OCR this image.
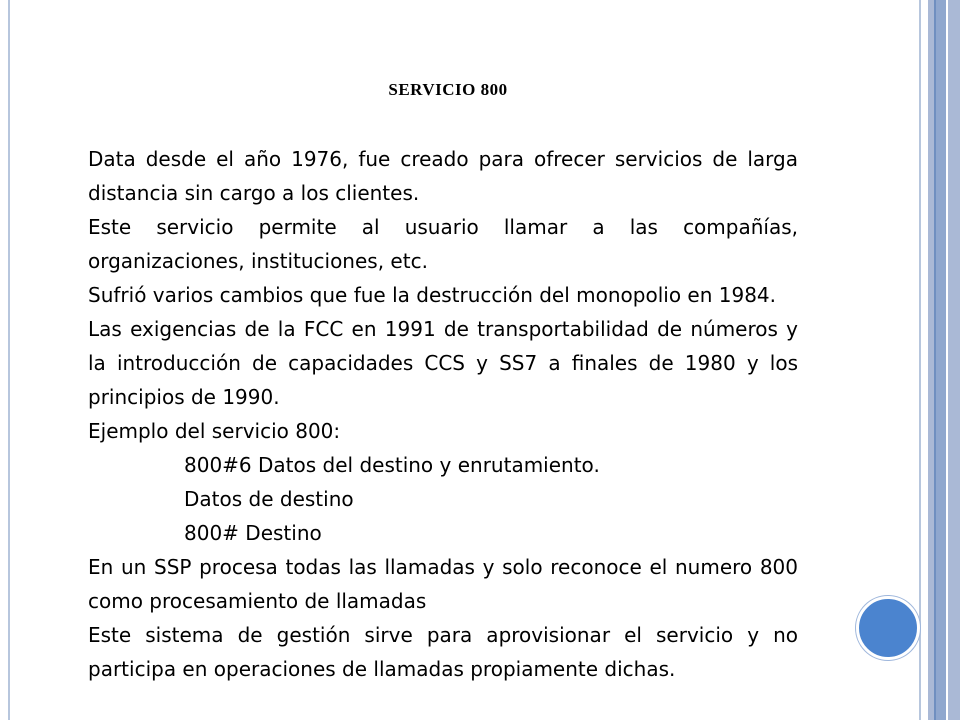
SERVICIO 800

Data desde el año 1976, fue creado para ofrecer servicios de larga distancia sin cargo a los clientes.

Este servicio permite al usuario llamar a las compañías, organizaciones, instituciones, etc.

Sufrió varios cambios que fue la destrucción del monopolio en 1984.

Las exigencias de la FCC en 1991 de transportabilidad de números y la introducción de capacidades CCS y SS7 a finales de 1980 y los principios de 1990.

Ejemplo del servicio 800:

800#6 Datos del destino y enrutamiento.

Datos de destino

800# Destino

En un SSP procesa todas las llamadas y solo reconoce el numero 800 como procesamiento de llamadas

Este sistema de gestión sirve para aprovisionar el servicio y no participa en operaciones de llamadas propiamente dichas.
